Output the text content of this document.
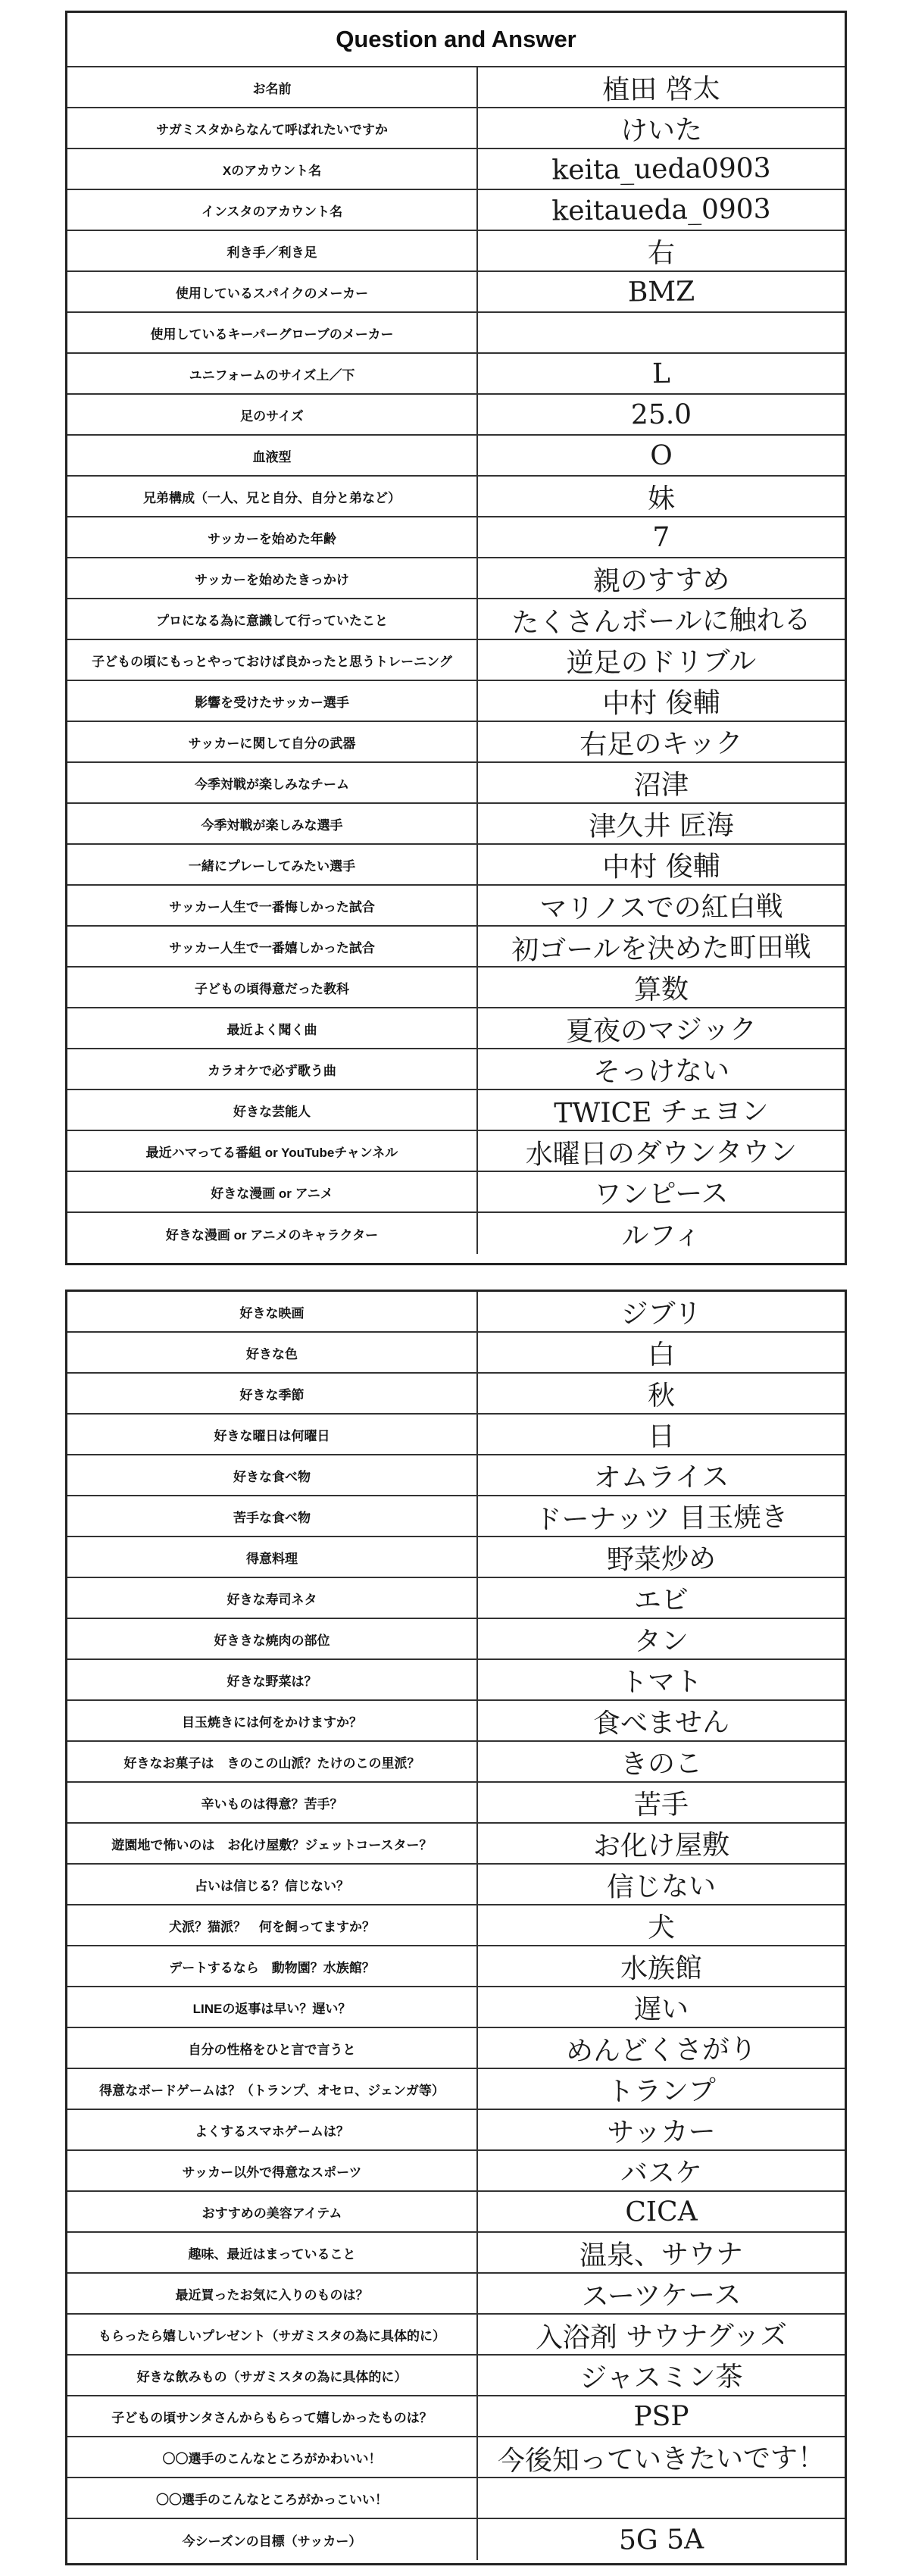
Question and Answer
お名前	植田 啓太
サガミスタからなんて呼ばれたいですか	けいた
Xのアカウント名	keita_ueda0903
インスタのアカウント名	keitaueda_0903
利き手／利き足	右
使用しているスパイクのメーカー	BMZ
使用しているキーパーグローブのメーカー
ユニフォームのサイズ上／下	L
足のサイズ	25.0
血液型	O
兄弟構成（一人、兄と自分、自分と弟など）	妹
サッカーを始めた年齢	7
サッカーを始めたきっかけ	親のすすめ
プロになる為に意識して行っていたこと	たくさんボールに触れる
子どもの頃にもっとやっておけば良かったと思うトレーニング	逆足のドリブル
影響を受けたサッカー選手	中村 俊輔
サッカーに関して自分の武器	右足のキック
今季対戦が楽しみなチーム	沼津
今季対戦が楽しみな選手	津久井 匠海
一緒にプレーしてみたい選手	中村 俊輔
サッカー人生で一番悔しかった試合	マリノスでの紅白戦
サッカー人生で一番嬉しかった試合	初ゴールを決めた町田戦
子どもの頃得意だった教科	算数
最近よく聞く曲	夏夜のマジック
カラオケで必ず歌う曲	そっけない
好きな芸能人	TWICE チェヨン
最近ハマってる番組 or YouTubeチャンネル	水曜日のダウンタウン
好きな漫画 or アニメ	ワンピース
好きな漫画 or アニメのキャラクター	ルフィ
好きな映画	ジブリ
好きな色	白
好きな季節	秋
好きな曜日は何曜日	日
好きな食べ物	オムライス
苦手な食べ物	ドーナッツ 目玉焼き
得意料理	野菜炒め
好きな寿司ネタ	エビ
好ききな焼肉の部位	タン
好きな野菜は？	トマト
目玉焼きには何をかけますか？	食べません
好きなお菓子は　きのこの山派？たけのこの里派？	きのこ
辛いものは得意？苦手？	苦手
遊園地で怖いのは　お化け屋敷？ジェットコースター？	お化け屋敷
占いは信じる？信じない？	信じない
犬派？猫派？　何を飼ってますか？	犬
デートするなら　動物園？水族館？	水族館
LINEの返事は早い？遅い？	遅い
自分の性格をひと言で言うと	めんどくさがり
得意なボードゲームは？（トランプ、オセロ、ジェンガ等）	トランプ
よくするスマホゲームは？	サッカー
サッカー以外で得意なスポーツ	バスケ
おすすめの美容アイテム	CICA
趣味、最近はまっていること	温泉、サウナ
最近買ったお気に入りのものは？	スーツケース
もらったら嬉しいプレゼント（サガミスタの為に具体的に）	入浴剤 サウナグッズ
好きな飲みもの（サガミスタの為に具体的に）	ジャスミン茶
子どもの頃サンタさんからもらって嬉しかったものは？	PSP
〇〇選手のこんなところがかわいい！	今後知っていきたいです！
〇〇選手のこんなところがかっこいい！
今シーズンの目標（サッカー）	5G 5A
